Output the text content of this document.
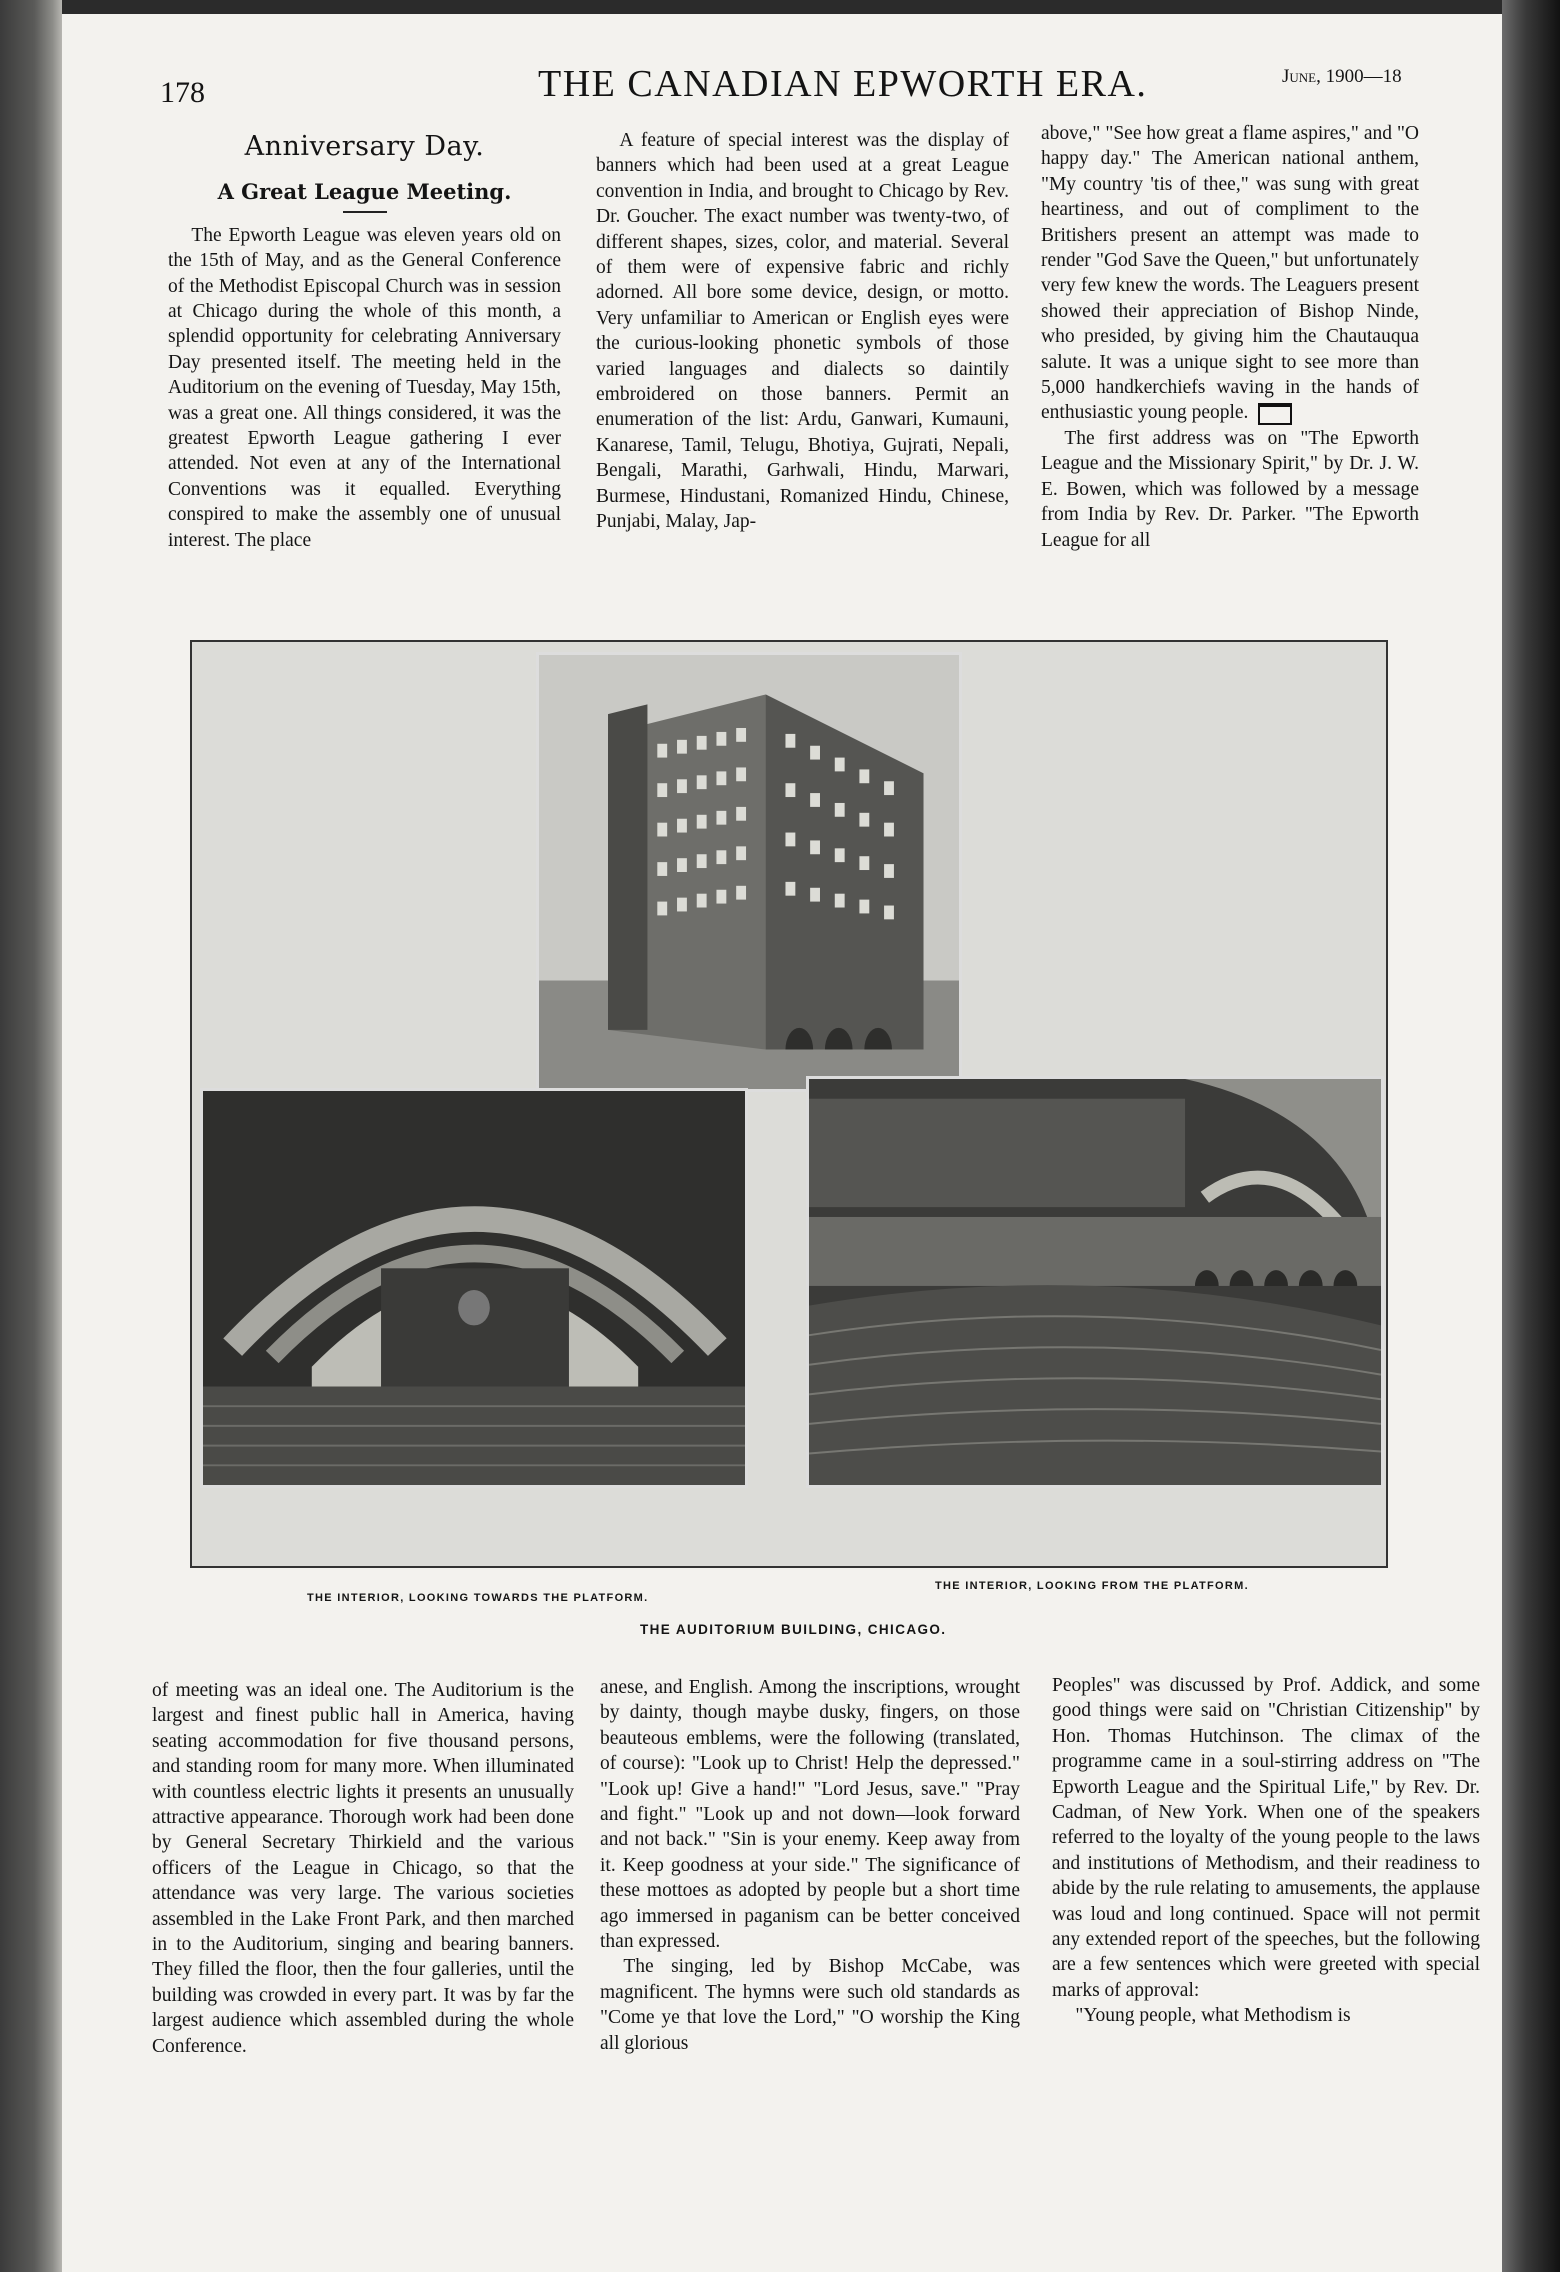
178	THE CANADIAN EPWORTH ERA.	June, 1900—18
Anniversary Day.
A Great League Meeting.

The Epworth League was eleven years old on the 15th of May, and as the General Conference of the Methodist Episcopal Church was in session at Chicago during the whole of this month, a splendid opportunity for celebrating Anniversary Day presented itself. The meeting held in the Auditorium on the evening of Tuesday, May 15th, was a great one. All things considered, it was the greatest Epworth League gathering I ever attended. Not even at any of the International Conventions was it equalled. Everything conspired to make the assembly one of unusual interest. The place

A feature of special interest was the display of banners which had been used at a great League convention in India, and brought to Chicago by Rev. Dr. Goucher. The exact number was twenty-two, of different shapes, sizes, color, and material. Several of them were of expensive fabric and richly adorned. All bore some device, design, or motto. Very unfamiliar to American or English eyes were the curious-looking phonetic symbols of those varied languages and dialects so daintily embroidered on those banners. Permit an enumeration of the list: Ardu, Ganwari, Kumauni, Kanarese, Tamil, Telugu, Bhotiya, Gujrati, Nepali, Bengali, Marathi, Garhwali, Hindu, Marwari, Burmese, Hindustani, Romanized Hindu, Chinese, Punjabi, Malay, Jap-

above," "See how great a flame aspires," and "O happy day." The American national anthem, "My country 'tis of thee," was sung with great heartiness, and out of compliment to the Britishers present an attempt was made to render "God Save the Queen," but unfortunately very few knew the words. The Leaguers present showed their appreciation of Bishop Ninde, who presided, by giving him the Chautauqua salute. It was a unique sight to see more than 5,000 handkerchiefs waving in the hands of enthusiastic young people.

The first address was on "The Epworth League and the Missionary Spirit," by Dr. J. W. E. Bowen, which was followed by a message from India by Rev. Dr. Parker. "The Epworth League for all

THE INTERIOR, LOOKING TOWARDS THE PLATFORM.
THE INTERIOR, LOOKING FROM THE PLATFORM.
THE AUDITORIUM BUILDING, CHICAGO.

of meeting was an ideal one. The Auditorium is the largest and finest public hall in America, having seating accommodation for five thousand persons, and standing room for many more. When illuminated with countless electric lights it presents an unusually attractive appearance. Thorough work had been done by General Secretary Thirkield and the various officers of the League in Chicago, so that the attendance was very large. The various societies assembled in the Lake Front Park, and then marched in to the Auditorium, singing and bearing banners. They filled the floor, then the four galleries, until the building was crowded in every part. It was by far the largest audience which assembled during the whole Conference.

anese, and English. Among the inscriptions, wrought by dainty, though maybe dusky, fingers, on those beauteous emblems, were the following (translated, of course): "Look up to Christ! Help the depressed." "Look up! Give a hand!" "Lord Jesus, save." "Pray and fight." "Look up and not down—look forward and not back." "Sin is your enemy. Keep away from it. Keep goodness at your side." The significance of these mottoes as adopted by people but a short time ago immersed in paganism can be better conceived than expressed.

The singing, led by Bishop McCabe, was magnificent. The hymns were such old standards as "Come ye that love the Lord," "O worship the King all glorious

Peoples" was discussed by Prof. Addick, and some good things were said on "Christian Citizenship" by Hon. Thomas Hutchinson. The climax of the programme came in a soul-stirring address on "The Epworth League and the Spiritual Life," by Rev. Dr. Cadman, of New York. When one of the speakers referred to the loyalty of the young people to the laws and institutions of Methodism, and their readiness to abide by the rule relating to amusements, the applause was loud and long continued. Space will not permit any extended report of the speeches, but the following are a few sentences which were greeted with special marks of approval:

"Young people, what Methodism is
